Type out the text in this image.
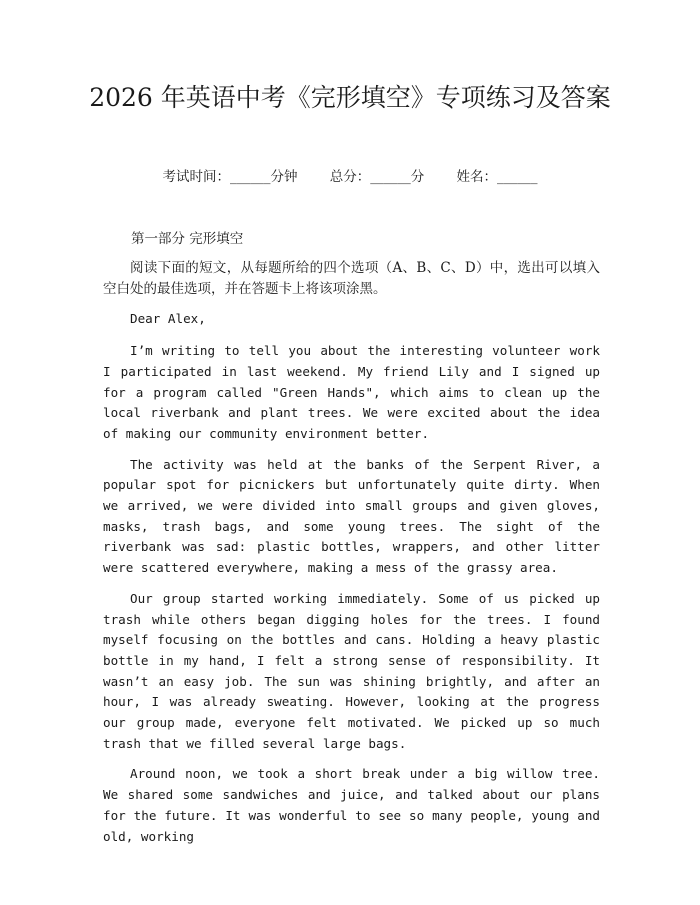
2026 年英语中考《完形填空》专项练习及答案
考试时间：______分钟 总分：______分 姓名：______
第一部分 完形填空

阅读下面的短文，从每题所给的四个选项（A、B、C、D）中，选出可以填入空白处的最佳选项，并在答题卡上将该项涂黑。

Dear Alex,

I’m writing to tell you about the interesting volunteer work I participated in last weekend. My friend Lily and I signed up for a program called "Green Hands", which aims to clean up the local riverbank and plant trees. We were excited about the idea of making our community environment better.

The activity was held at the banks of the Serpent River, a popular spot for picnickers but unfortunately quite dirty. When we arrived, we were divided into small groups and given gloves, masks, trash bags, and some young trees. The sight of the riverbank was sad: plastic bottles, wrappers, and other litter were scattered everywhere, making a mess of the grassy area.

Our group started working immediately. Some of us picked up trash while others began digging holes for the trees. I found myself focusing on the bottles and cans. Holding a heavy plastic bottle in my hand, I felt a strong sense of responsibility. It wasn’t an easy job. The sun was shining brightly, and after an hour, I was already sweating. However, looking at the progress our group made, everyone felt motivated. We picked up so much trash that we filled several large bags.

Around noon, we took a short break under a big willow tree. We shared some sandwiches and juice, and talked about our plans for the future. It was wonderful to see so many people, young and old, working
